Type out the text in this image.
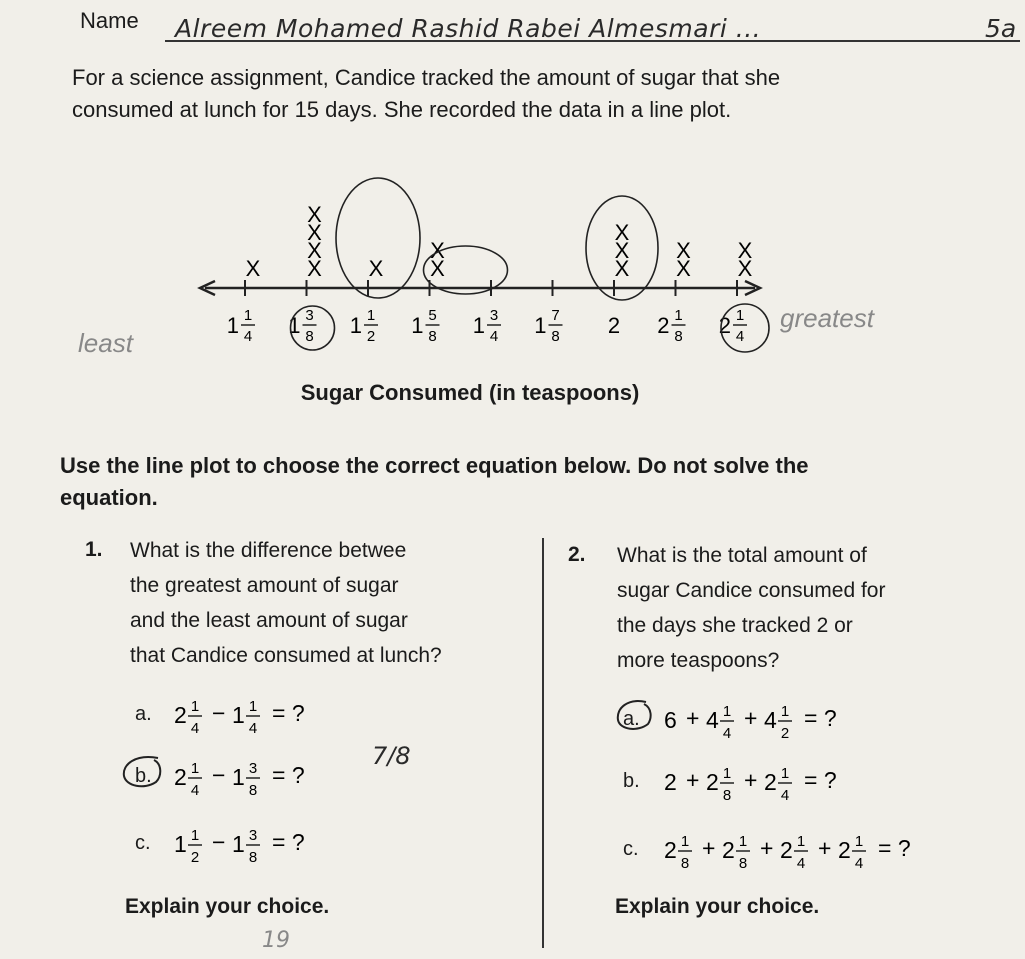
Name Alreem Mohamed Rashid Rabei Almesmari ...	5a

For a science assignment, Candice tracked the amount of sugar that she consumed at lunch for 15 days. She recorded the data in a line plot.

1 1
4 1 3
8 1 1
2 1 5
8 1 3
4 1 7
8 2 2 1
8 2 1
4
X X
X
X
X
X X
X
X
X
X
X
X
X
X
least
greatest
Sugar Consumed (in teaspoons)

Use the line plot to choose the correct equation below. Do not solve the equation.

1. What is the difference betwee
the greatest amount of sugar
and the least amount of sugar
that Candice consumed at lunch?

a. 2 1
4
− 1 1
4
= ?
b. 2 1
4
− 1 3
8
= ?
7/8
c. 1 1
2
− 1 3
8
= ?
Explain your choice.
2. What is the total amount of
sugar Candice consumed for
the days she tracked 2 or
more teaspoons?

a. 6 + 4 1
4
+ 4 1
2
= ?
b. 2 + 2 1
8
+ 2 1
4
= ?
c. 2 1
8
+ 2 1
8
+ 2 1
4
+ 2 1
4
= ?
Explain your choice.
19
